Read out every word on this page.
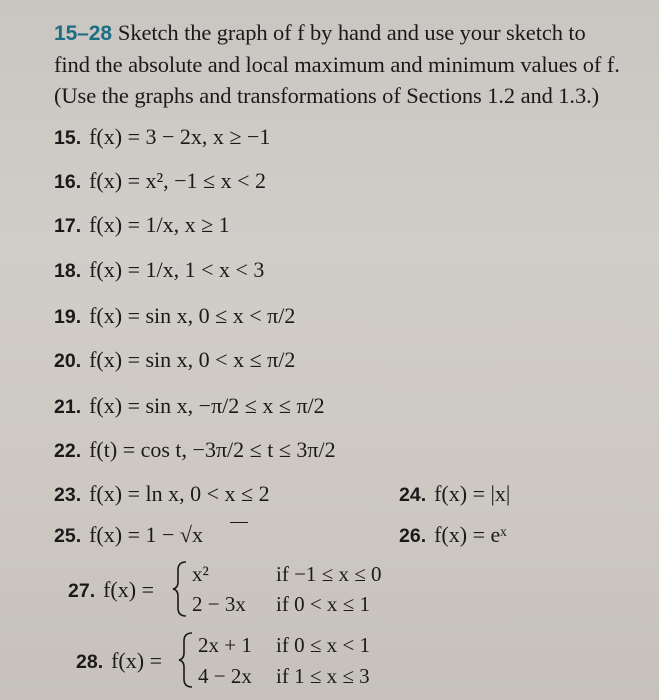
15–28 Sketch the graph of f by hand and use your sketch to
find the absolute and local maximum and minimum values of f.
(Use the graphs and transformations of Sections 1.2 and 1.3.)
15. f(x) = 3 − 2x, x ≥ −1
16. f(x) = x², −1 ≤ x < 2
17. f(x) = 1/x, x ≥ 1
18. f(x) = 1/x, 1 < x < 3
19. f(x) = sin x, 0 ≤ x < π/2
20. f(x) = sin x, 0 < x ≤ π/2
21. f(x) = sin x, −π/2 ≤ x ≤ π/2
22. f(t) = cos t, −3π/2 ≤ t ≤ 3π/2
23. f(x) = ln x, 0 < x ≤ 2	24. f(x) = |x|
25. f(x) = 1 − √x	26. f(x) = eˣ
27. f(x) =
x²	if −1 ≤ x ≤ 0
2 − 3x if 0 < x ≤ 1
28. f(x) =
2x + 1 if 0 ≤ x < 1
4 − 2x if 1 ≤ x ≤ 3
